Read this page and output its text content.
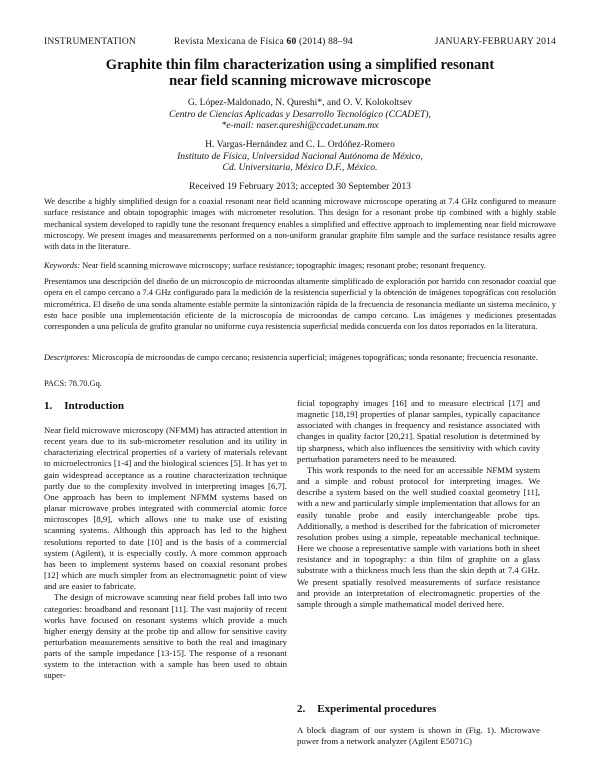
INSTRUMENTATION	Revista Mexicana de Física 60 (2014) 88–94	JANUARY-FEBRUARY 2014
Graphite thin film characterization using a simplified resonant
near field scanning microwave microscope
G. López-Maldonado, N. Qureshi*, and O. V. Kolokoltsev
Centro de Ciencias Aplicadas y Desarrollo Tecnológico (CCADET),
*e-mail: naser.qureshi@ccadet.unam.mx
H. Vargas-Hernández and C. L. Ordóñez-Romero
Instituto de Física, Universidad Nacional Autónoma de México,
Cd. Universitaria, México D.F., México.
Received 19 February 2013; accepted 30 September 2013
We describe a highly simplified design for a coaxial resonant near field scanning microwave microscope operating at 7.4 GHz configured to measure surface resistance and obtain topographic images with micrometer resolution. This design for a resonant probe tip combined with a highly stable mechanical system developed to rapidly tune the resonant frequency enables a simplified and effective approach to implementing near field microwave microscopy. We present images and measurements performed on a non-uniform granular graphite film sample and the surface resistance results agree with data in the literature.
Keywords: Near field scanning microwave microscopy; surface resistance; topographic images; resonant probe; resonant frequency.
Presentamos una descripción del diseño de un microscopio de microondas altamente simplificado de exploración por barrido con resonador coaxial que opera en el campo cercano a 7.4 GHz configurado para la medición de la resistencia superficial y la obtención de imágenes topográficas con resolución micrométrica. El diseño de una sonda altamente estable permite la sintonización rápida de la frecuencia de resonancia mediante un sistema mecánico, y esto hace posible una implementación eficiente de la microscopía de microondas de campo cercano. Las imágenes y mediciones presentadas corresponden a una película de grafito granular no uniforme cuya resistencia superficial medida concuerda con los datos reportados en la literatura.
Descriptores: Microscopía de microondas de campo cercano; resistencia superficial; imágenes topográficas; sonda resonante; frecuencia resonante.
PACS: 78.70.Gq.
1. Introduction

Near field microwave microscopy (NFMM) has attracted attention in recent years due to its sub-micrometer resolution and its utility in characterizing electrical properties of a variety of materials relevant to microelectronics [1-4] and the biological sciences [5]. It has yet to gain widespread acceptance as a routine characterization technique partly due to the complexity involved in interpreting images [6,7]. One approach has been to implement NFMM systems based on planar microwave probes integrated with commercial atomic force microscopes [8,9], which allows one to make use of existing scanning systems. Although this approach has led to the highest resolutions reported to date [10] and is the basis of a commercial system (Agilent), it is especially costly. A more common approach has been to implement systems based on coaxial resonant probes [12] which are much simpler from an electromagnetic point of view and are easier to fabricate.

The design of microwave scanning near field probes fall into two categories: broadband and resonant [11]. The vast majority of recent works have focused on resonant systems which provide a much higher energy density at the probe tip and allow for sensitive cavity perturbation measurements sensitive to both the real and imaginary parts of the sample impedance [13-15]. The response of a resonant system to the interaction with a sample has been used to obtain super-

ficial topography images [16] and to measure electrical [17] and magnetic [18,19] properties of planar samples, typically capacitance associated with changes in frequency and resistance associated with changes in quality factor [20,21]. Spatial resolution is determined by tip sharpness, which also influences the sensitivity with which cavity perturbation parameters need to be measured.

This work responds to the need for an accessible NFMM system and a simple and robust protocol for interpreting images. We describe a system based on the well studied coaxial geometry [11], with a new and particularly simple implementation that allows for an easily tunable probe and easily interchangeable probe tips. Additionally, a method is described for the fabrication of micrometer resolution probes using a simple, repeatable mechanical technique. Here we choose a representative sample with variations both in sheet resistance and in topography: a thin film of graphite on a glass substrate with a thickness much less than the skin depth at 7.4 GHz. We present spatially resolved measurements of surface resistance and provide an interpretation of electromagnetic properties of the sample through a simple mathematical model derived here.

2. Experimental procedures
A block diagram of our system is shown in (Fig. 1). Microwave power from a network analyzer (Agilent E5071C)
